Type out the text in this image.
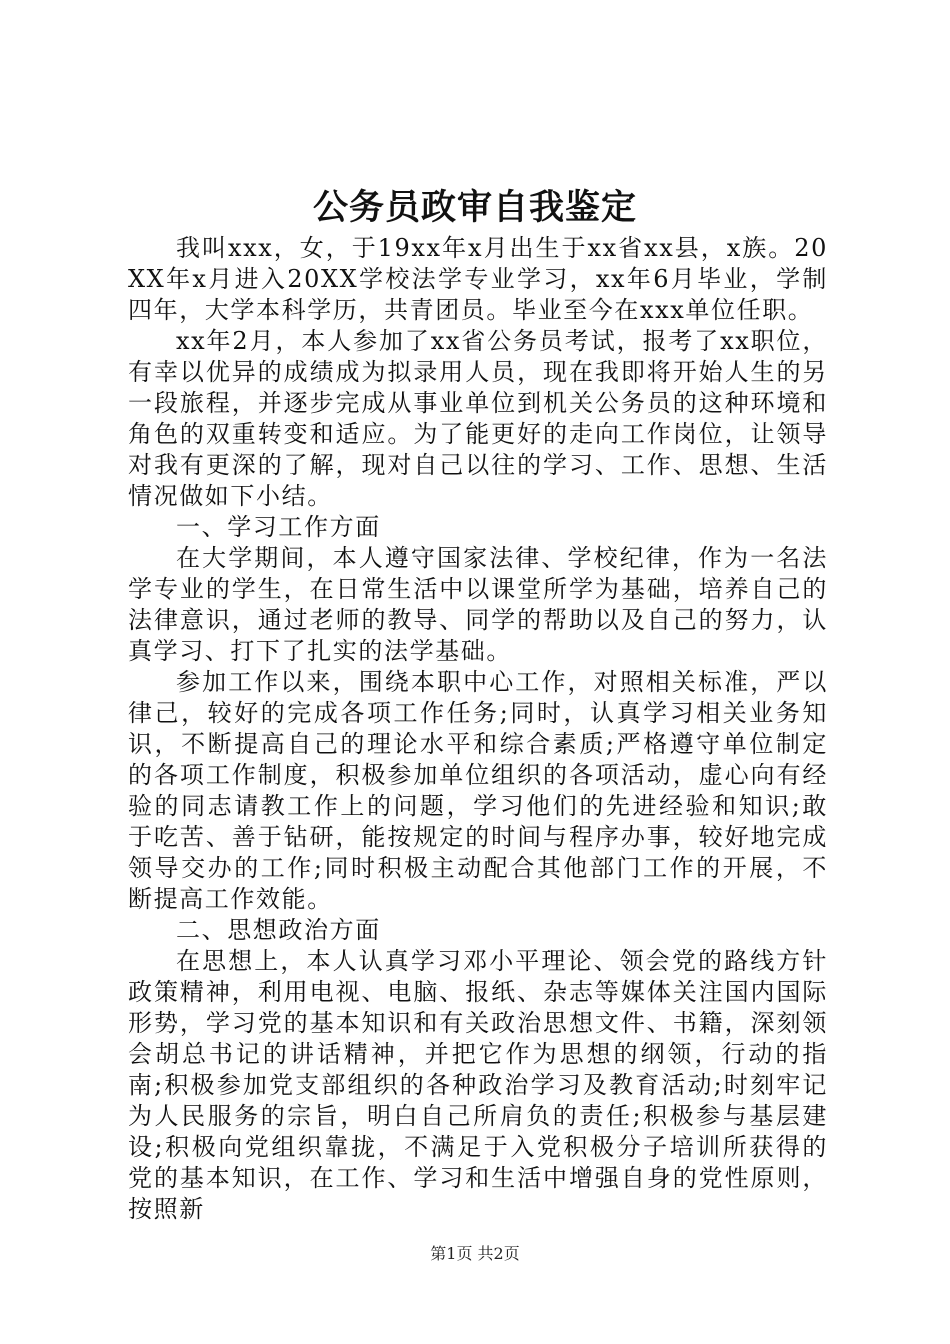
公务员政审自我鉴定

我叫xxx，女，于19xx年x月出生于xx省xx县，x族。20XX年x月进入20XX学校法学专业学习，xx年6月毕业，学制四年，大学本科学历，共青团员。毕业至今在xxx单位任职。

xx年2月，本人参加了xx省公务员考试，报考了xx职位，有幸以优异的成绩成为拟录用人员，现在我即将开始人生的另一段旅程，并逐步完成从事业单位到机关公务员的这种环境和角色的双重转变和适应。为了能更好的走向工作岗位，让领导对我有更深的了解，现对自己以往的学习、工作、思想、生活情况做如下小结。

一、学习工作方面

在大学期间，本人遵守国家法律、学校纪律，作为一名法学专业的学生，在日常生活中以课堂所学为基础，培养自己的法律意识，通过老师的教导、同学的帮助以及自己的努力，认真学习、打下了扎实的法学基础。

参加工作以来，围绕本职中心工作，对照相关标准，严以律己，较好的完成各项工作任务;同时，认真学习相关业务知识，不断提高自己的理论水平和综合素质;严格遵守单位制定的各项工作制度，积极参加单位组织的各项活动，虚心向有经验的同志请教工作上的问题，学习他们的先进经验和知识;敢于吃苦、善于钻研，能按规定的时间与程序办事，较好地完成领导交办的工作;同时积极主动配合其他部门工作的开展，不断提高工作效能。

二、思想政治方面

在思想上，本人认真学习邓小平理论、领会党的路线方针政策精神，利用电视、电脑、报纸、杂志等媒体关注国内国际形势，学习党的基本知识和有关政治思想文件、书籍，深刻领会胡总书记的讲话精神，并把它作为思想的纲领，行动的指南;积极参加党支部组织的各种政治学习及教育活动;时刻牢记为人民服务的宗旨，明白自己所肩负的责任;积极参与基层建设;积极向党组织靠拢，不满足于入党积极分子培训所获得的党的基本知识，在工作、学习和生活中增强自身的党性原则，按照新

第1页 共2页
